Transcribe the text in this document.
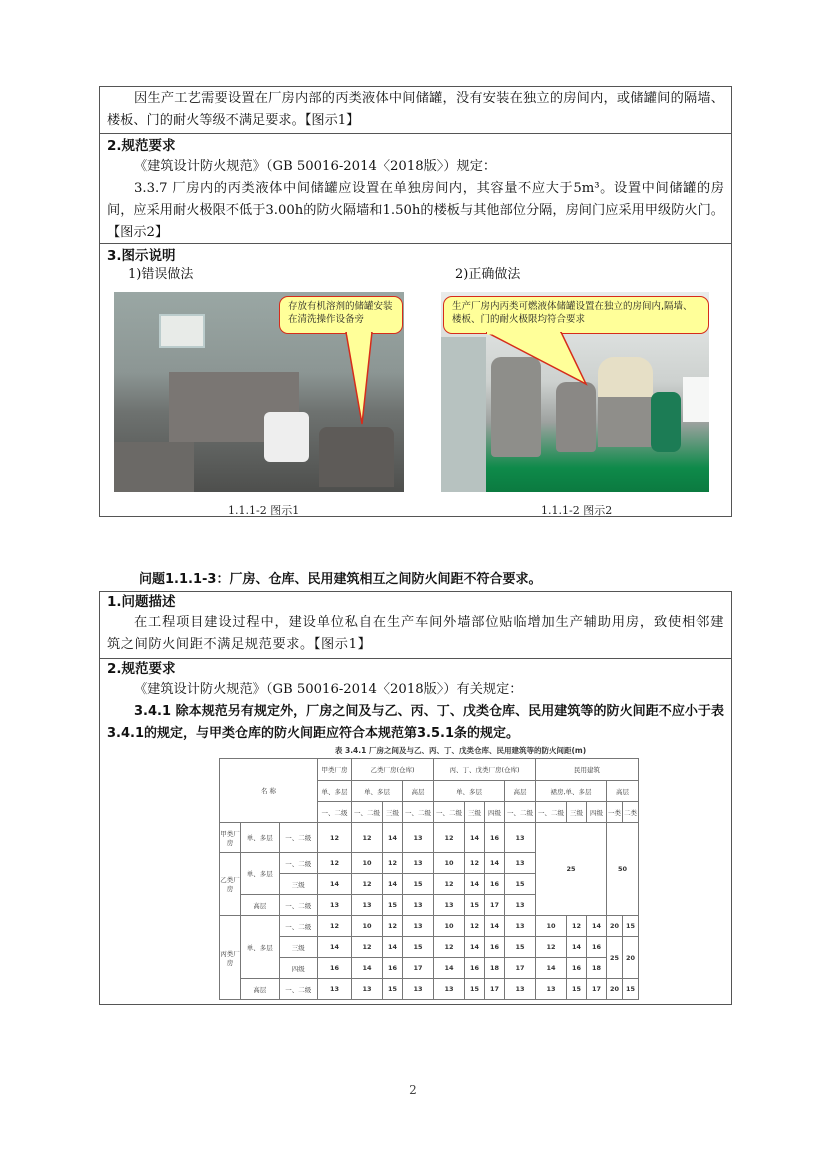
因生产工艺需要设置在厂房内部的丙类液体中间储罐，没有安装在独立的房间内，或储罐间的隔墙、楼板、门的耐火等级不满足要求。【图示1】

2.规范要求

《建筑设计防火规范》（GB 50016-2014〈2018版〉）规定：

3.3.7 厂房内的丙类液体中间储罐应设置在单独房间内，其容量不应大于5m³。设置中间储罐的房间，应采用耐火极限不低于3.00h的防火隔墙和1.50h的楼板与其他部位分隔，房间门应采用甲级防火门。【图示2】

3.图示说明

1)错误做法	2)正确做法
存放有机溶剂的储罐安装在清洗操作设备旁
生产厂房内丙类可燃液体储罐设置在独立的房间内,隔墙、楼板、门的耐火极限均符合要求
1.1.1-2 图示1	1.1.1-2 图示2
问题1.1.1-3：厂房、仓库、民用建筑相互之间防火间距不符合要求。

1.问题描述

在工程项目建设过程中，建设单位私自在生产车间外墙部位贴临增加生产辅助用房，致使相邻建筑之间防火间距不满足规范要求。【图示1】

2.规范要求

《建筑设计防火规范》（GB 50016-2014〈2018版〉）有关规定：

3.4.1 除本规范另有规定外，厂房之间及与乙、丙、丁、戊类仓库、民用建筑等的防火间距不应小于表3.4.1的规定，与甲类仓库的防火间距应符合本规范第3.5.1条的规定。

表 3.4.1 厂房之间及与乙、丙、丁、戊类仓库、民用建筑等的防火间距(m)
名 称			甲类厂房	乙类厂房(仓库)			丙、丁、戊类厂房(仓库)				民用建筑				
			单、多层	单、多层		高层	单、多层			高层	裙房,单、多层			高层	
			一、二级	一、二级	三级	一、二级	一、二级	三级	四级	一、二级	一、二级	三级	四级	一类	二类
甲类厂房	单、多层	一、二级	12	12	14	13	12	14	16	13	25			50	
乙类厂房	单、多层	一、二级	12	10	12	13	10	12	14	13					
		三级	14	12	14	15	12	14	16	15					
	高层	一、二级	13	13	15	13	13	15	17	13					
丙类厂房	单、多层	一、二级	12	10	12	13	10	12	14	13	10	12	14	20	15
		三级	14	12	14	15	12	14	16	15	12	14	16	25	20
		四级	16	14	16	17	14	16	18	17	14	16	18		
	高层	一、二级	13	13	15	13	13	15	17	13	13	15	17	20	15
2
